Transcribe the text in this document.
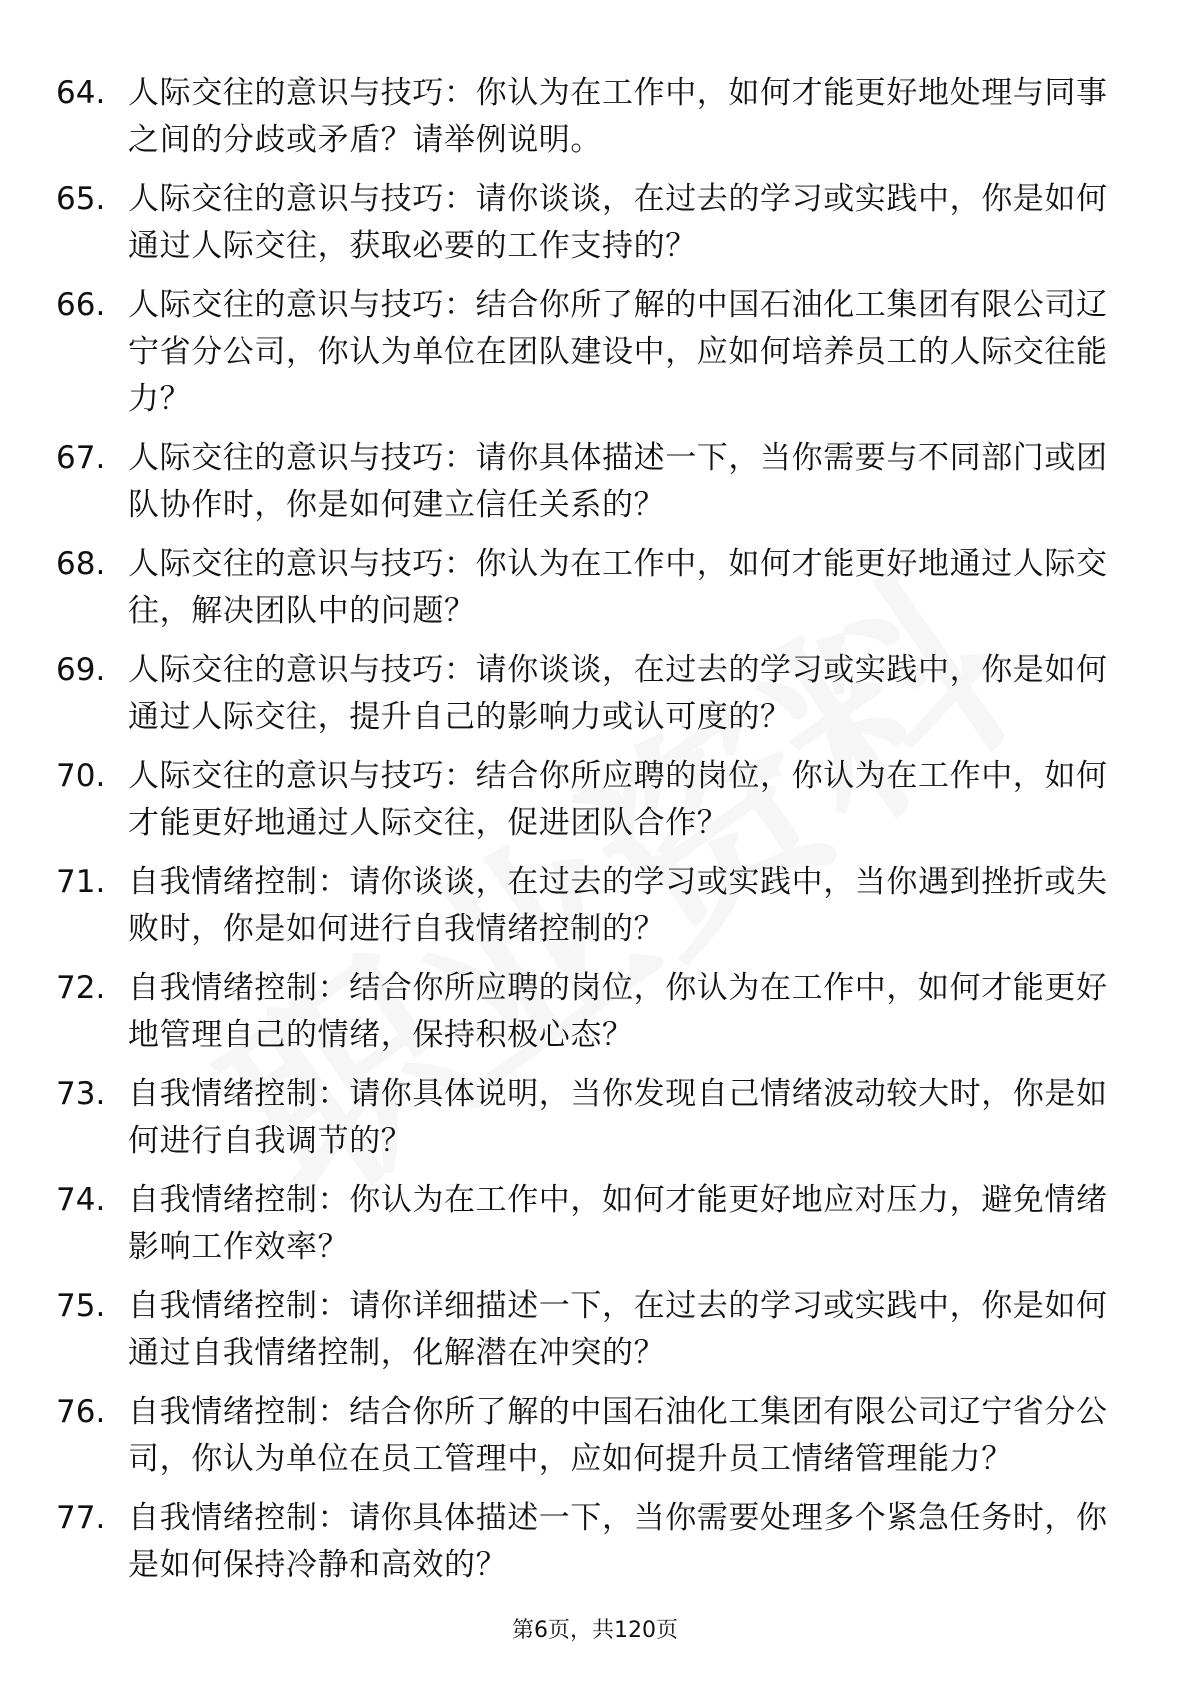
64. 人际交往的意识与技巧：你认为在工作中，如何才能更好地处理与同事之间的分歧或矛盾？请举例说明。
65. 人际交往的意识与技巧：请你谈谈，在过去的学习或实践中，你是如何通过人际交往，获取必要的工作支持的？
66. 人际交往的意识与技巧：结合你所了解的中国石油化工集团有限公司辽宁省分公司，你认为单位在团队建设中，应如何培养员工的人际交往能力？
67. 人际交往的意识与技巧：请你具体描述一下，当你需要与不同部门或团队协作时，你是如何建立信任关系的？
68. 人际交往的意识与技巧：你认为在工作中，如何才能更好地通过人际交往，解决团队中的问题？
69. 人际交往的意识与技巧：请你谈谈，在过去的学习或实践中，你是如何通过人际交往，提升自己的影响力或认可度的？
70. 人际交往的意识与技巧：结合你所应聘的岗位，你认为在工作中，如何才能更好地通过人际交往，促进团队合作？
71. 自我情绪控制：请你谈谈，在过去的学习或实践中，当你遇到挫折或失败时，你是如何进行自我情绪控制的？
72. 自我情绪控制：结合你所应聘的岗位，你认为在工作中，如何才能更好地管理自己的情绪，保持积极心态？
73. 自我情绪控制：请你具体说明，当你发现自己情绪波动较大时，你是如何进行自我调节的？
74. 自我情绪控制：你认为在工作中，如何才能更好地应对压力，避免情绪影响工作效率？
75. 自我情绪控制：请你详细描述一下，在过去的学习或实践中，你是如何通过自我情绪控制，化解潜在冲突的？
76. 自我情绪控制：结合你所了解的中国石油化工集团有限公司辽宁省分公司，你认为单位在员工管理中，应如何提升员工情绪管理能力？
77. 自我情绪控制：请你具体描述一下，当你需要处理多个紧急任务时，你是如何保持冷静和高效的？
第6页，共120页
